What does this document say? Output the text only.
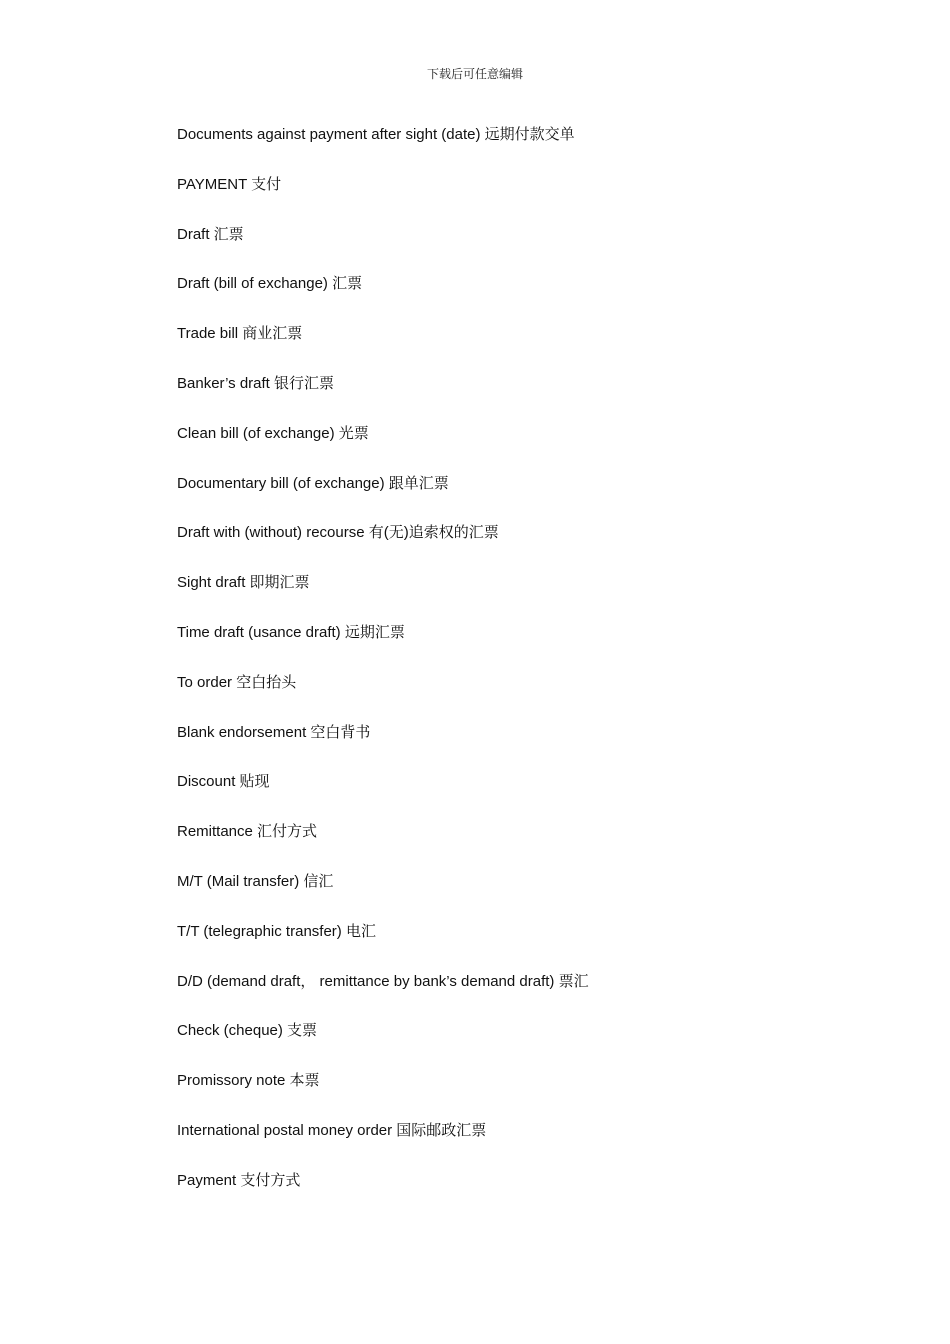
下载后可任意编辑
Documents against payment after sight (date) 远期付款交单
PAYMENT 支付
Draft 汇票
Draft (bill of exchange) 汇票
Trade bill 商业汇票
Banker’s draft 银行汇票
Clean bill (of exchange) 光票
Documentary bill (of exchange) 跟单汇票
Draft with (without) recourse 有(无)追索权的汇票
Sight draft 即期汇票
Time draft (usance draft) 远期汇票
To order 空白抬头
Blank endorsement 空白背书
Discount 贴现
Remittance 汇付方式
M/T (Mail transfer) 信汇
T/T (telegraphic transfer) 电汇
D/D (demand draft， remittance by bank’s demand draft) 票汇
Check (cheque) 支票
Promissory note 本票
International postal money order 国际邮政汇票
Payment 支付方式
